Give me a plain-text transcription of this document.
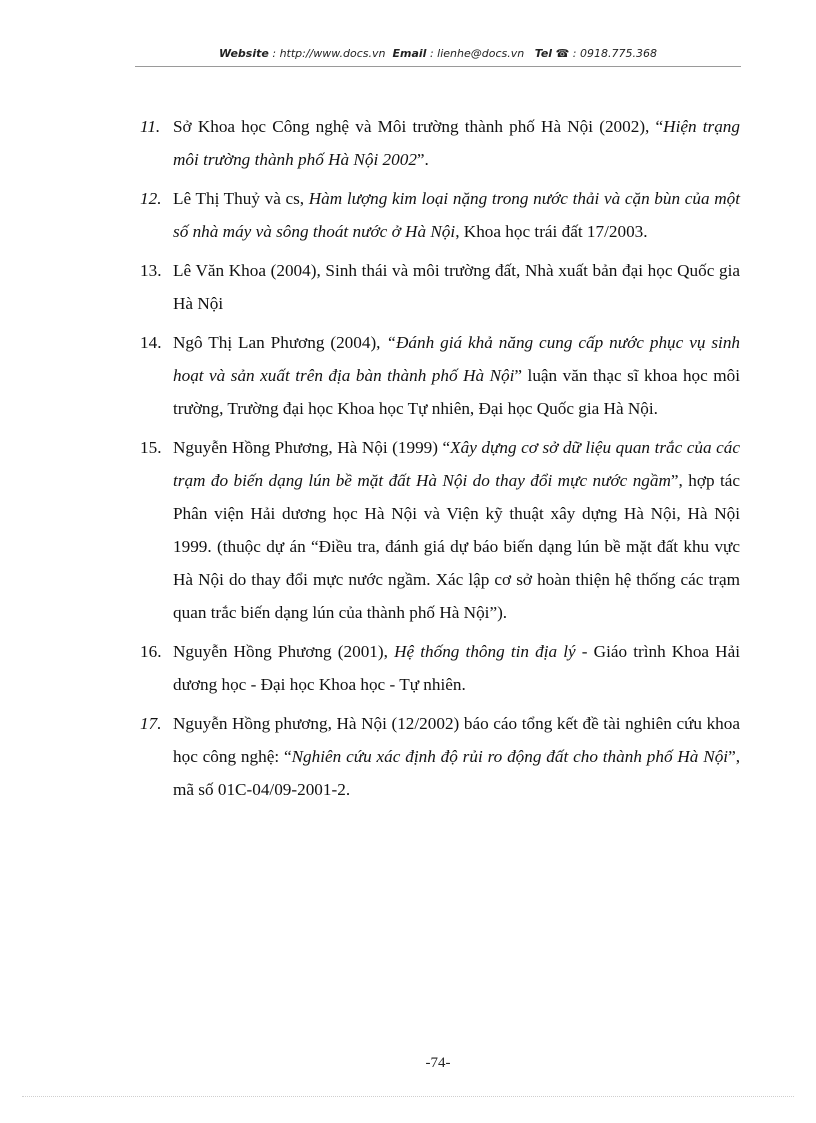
Website : http://www.docs.vn Email : lienhe@docs.vn Tel ☎ : 0918.775.368
11. Sở Khoa học Công nghệ và Môi trường thành phố Hà Nội (2002), “Hiện trạng môi trường thành phố Hà Nội 2002”.
12. Lê Thị Thuỷ và cs, Hàm lượng kim loại nặng trong nước thải và cặn bùn của một số nhà máy và sông thoát nước ở Hà Nội, Khoa học trái đất 17/2003.
13. Lê Văn Khoa (2004), Sinh thái và môi trường đất, Nhà xuất bản đại học Quốc gia Hà Nội
14. Ngô Thị Lan Phương (2004), “Đánh giá khả năng cung cấp nước phục vụ sinh hoạt và sản xuất trên địa bàn thành phố Hà Nội” luận văn thạc sĩ khoa học môi trường, Trường đại học Khoa học Tự nhiên, Đại học Quốc gia Hà Nội.
15. Nguyễn Hồng Phương, Hà Nội (1999) “Xây dựng cơ sở dữ liệu quan trắc của các trạm đo biến dạng lún bề mặt đất Hà Nội do thay đổi mực nước ngầm”, hợp tác Phân viện Hải dương học Hà Nội và Viện kỹ thuật xây dựng Hà Nội, Hà Nội 1999. (thuộc dự án “Điều tra, đánh giá dự báo biến dạng lún bề mặt đất khu vực Hà Nội do thay đổi mực nước ngầm. Xác lập cơ sở hoàn thiện hệ thống các trạm quan trắc biến dạng lún của thành phố Hà Nội”).
16. Nguyễn Hồng Phương (2001), Hệ thống thông tin địa lý - Giáo trình Khoa Hải dương học - Đại học Khoa học - Tự nhiên.
17. Nguyễn Hồng phương, Hà Nội (12/2002) báo cáo tổng kết đề tài nghiên cứu khoa học công nghệ: “Nghiên cứu xác định độ rủi ro động đất cho thành phố Hà Nội”, mã số 01C-04/09-2001-2.
-74-
